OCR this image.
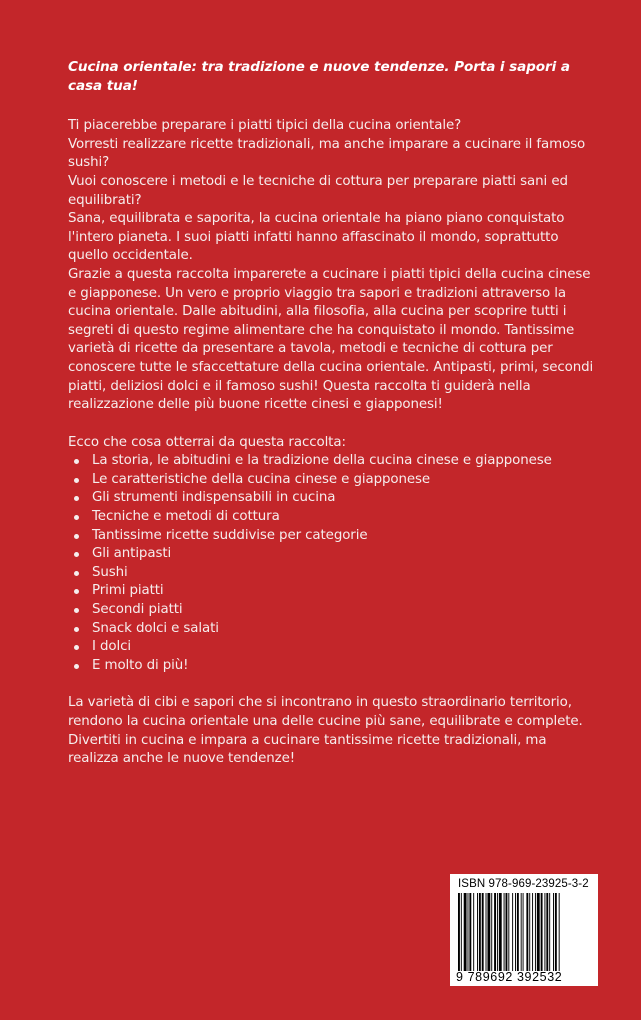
Cucina orientale: tra tradizione e nuove tendenze. Porta i sapori a casa tua!

Ti piacerebbe preparare i piatti tipici della cucina orientale?

Vorresti realizzare ricette tradizionali, ma anche imparare a cucinare il famoso sushi?

Vuoi conoscere i metodi e le tecniche di cottura per preparare piatti sani ed equilibrati?

Sana, equilibrata e saporita, la cucina orientale ha piano piano conquistato l'intero pianeta. I suoi piatti infatti hanno affascinato il mondo, soprattutto quello occidentale.

Grazie a questa raccolta imparerete a cucinare i piatti tipici della cucina cinese e giapponese. Un vero e proprio viaggio tra sapori e tradizioni attraverso la cucina orientale. Dalle abitudini, alla filosofia, alla cucina per scoprire tutti i segreti di questo regime alimentare che ha conquistato il mondo. Tantissime varietà di ricette da presentare a tavola, metodi e tecniche di cottura per conoscere tutte le sfaccettature della cucina orientale. Antipasti, primi, secondi piatti, deliziosi dolci e il famoso sushi! Questa raccolta ti guiderà nella realizzazione delle più buone ricette cinesi e giapponesi!

Ecco che cosa otterrai da questa raccolta:

La storia, le abitudini e la tradizione della cucina cinese e giapponese
Le caratteristiche della cucina cinese e giapponese
Gli strumenti indispensabili in cucina
Tecniche e metodi di cottura
Tantissime ricette suddivise per categorie
Gli antipasti
Sushi
Primi piatti
Secondi piatti
Snack dolci e salati
I dolci
E molto di più!

La varietà di cibi e sapori che si incontrano in questo straordinario territorio, rendono la cucina orientale una delle cucine più sane, equilibrate e complete. Divertiti in cucina e impara a cucinare tantissime ricette tradizionali, ma realizza anche le nuove tendenze!

ISBN 978-969-23925-3-2
9 789692 392532
